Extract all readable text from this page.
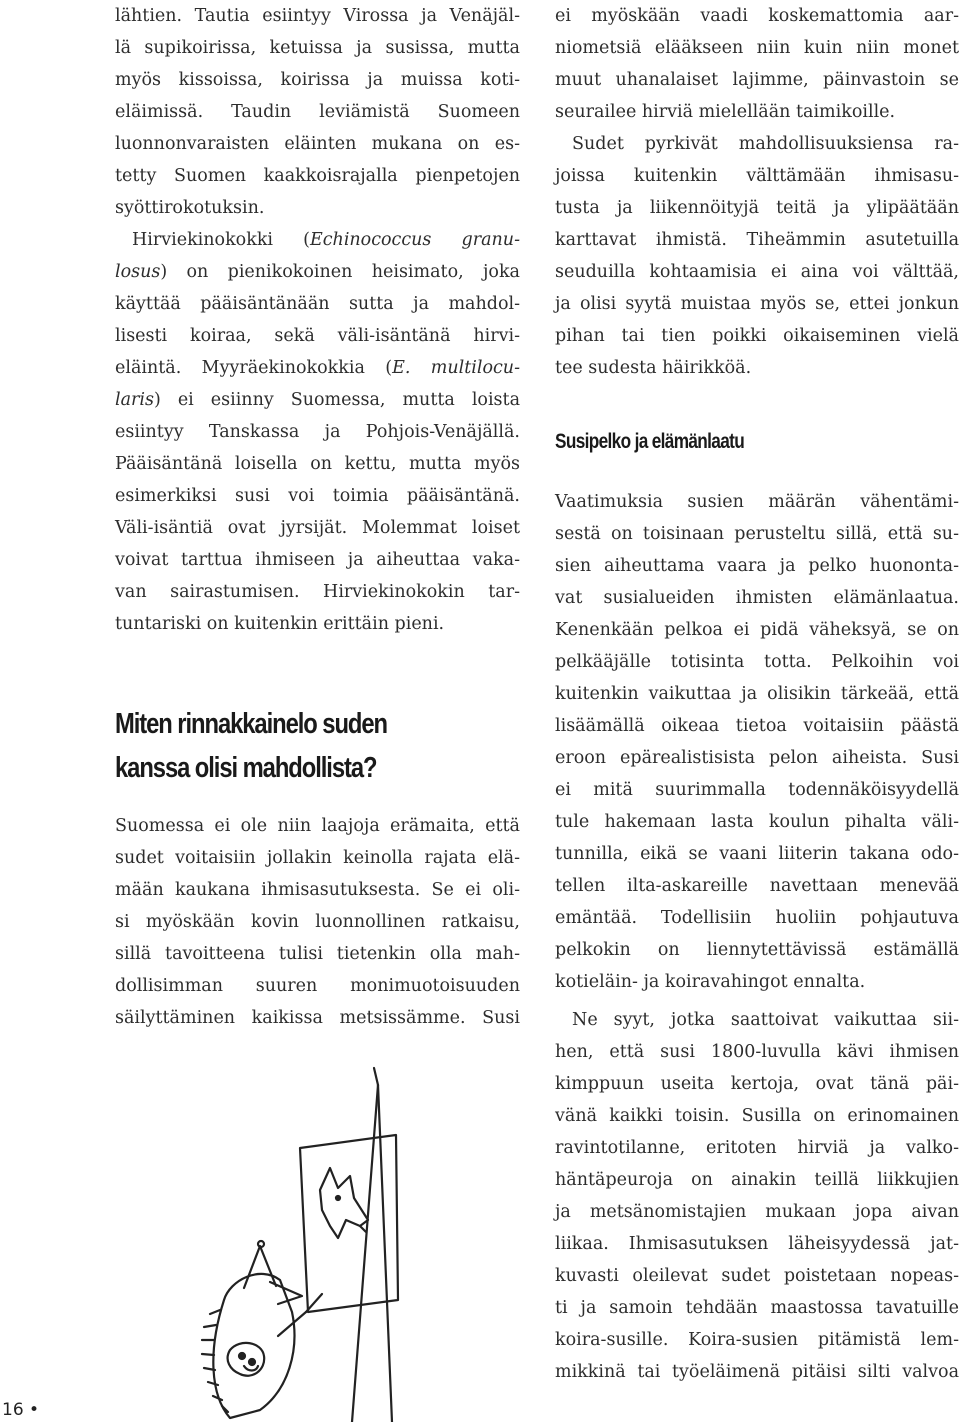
lähtien. Tautia esiintyy Virossa ja Venäjäl-
lä supikoirissa, ketuissa ja susissa, mutta
myös kissoissa, koirissa ja muissa koti-
eläimissä. Taudin leviämistä Suomeen
luonnonvaraisten eläinten mukana on es-
tetty Suomen kaakkoisrajalla pienpetojen
syöttirokotuksin.
Hirviekinokokki (Echinococcus granu-
losus) on pienikokoinen heisimato, joka
käyttää pääisäntänään sutta ja mahdol-
lisesti koiraa, sekä väli-isäntänä hirvi-
eläintä. Myyräekinokokkia (E. multilocu-
laris) ei esiinny Suomessa, mutta loista
esiintyy Tanskassa ja Pohjois-Venäjällä.
Pääisäntänä loisella on kettu, mutta myös
esimerkiksi susi voi toimia pääisäntänä.
Väli-isäntiä ovat jyrsijät. Molemmat loiset
voivat tarttua ihmiseen ja aiheuttaa vaka-
van sairastumisen. Hirviekinokokin tar-
tuntariski on kuitenkin erittäin pieni.
Miten rinnakkainelo suden
kanssa olisi mahdollista?
Suomessa ei ole niin laajoja erämaita, että
sudet voitaisiin jollakin keinolla rajata elä-
mään kaukana ihmisasutuksesta. Se ei oli-
si myöskään kovin luonnollinen ratkaisu,
sillä tavoitteena tulisi tietenkin olla mah-
dollisimman suuren monimuotoisuuden
säilyttäminen kaikissa metsissämme. Susi
ei myöskään vaadi koskemattomia aar-
niometsiä elääkseen niin kuin niin monet
muut uhanalaiset lajimme, päinvastoin se
seurailee hirviä mielellään taimikoille.
Sudet pyrkivät mahdollisuuksiensa ra-
joissa kuitenkin välttämään ihmisasu-
tusta ja liikennöityjä teitä ja ylipäätään
karttavat ihmistä. Tiheämmin asutetuilla
seuduilla kohtaamisia ei aina voi välttää,
ja olisi syytä muistaa myös se, ettei jonkun
pihan tai tien poikki oikaiseminen vielä
tee sudesta häirikköä.
Susipelko ja elämänlaatu
Vaatimuksia susien määrän vähentämi-
sestä on toisinaan perusteltu sillä, että su-
sien aiheuttama vaara ja pelko huononta-
vat susialueiden ihmisten elämänlaatua.
Kenenkään pelkoa ei pidä väheksyä, se on
pelkääjälle totisinta totta. Pelkoihin voi
kuitenkin vaikuttaa ja olisikin tärkeää, että
lisäämällä oikeaa tietoa voitaisiin päästä
eroon epärealistisista pelon aiheista. Susi
ei mitä suurimmalla todennäköisyydellä
tule hakemaan lasta koulun pihalta väli-
tunnilla, eikä se vaani liiterin takana odo-
tellen ilta-askareille navettaan menevää
emäntää. Todellisiin huoliin pohjautuva
pelkokin on liennytettävissä estämällä
kotieläin- ja koiravahingot ennalta.
Ne syyt, jotka saattoivat vaikuttaa sii-
hen, että susi 1800-luvulla kävi ihmisen
kimppuun useita kertoja, ovat tänä päi-
vänä kaikki toisin. Susilla on erinomainen
ravintotilanne, eritoten hirviä ja valko-
häntäpeuroja on ainakin teillä liikkujien
ja metsänomistajien mukaan jopa aivan
liikaa. Ihmisasutuksen läheisyydessä jat-
kuvasti oleilevat sudet poistetaan nopeas-
ti ja samoin tehdään maastossa tavatuille
koira-susille. Koira-susien pitämistä lem-
mikkinä tai työeläimenä pitäisi silti valvoa
16 •
